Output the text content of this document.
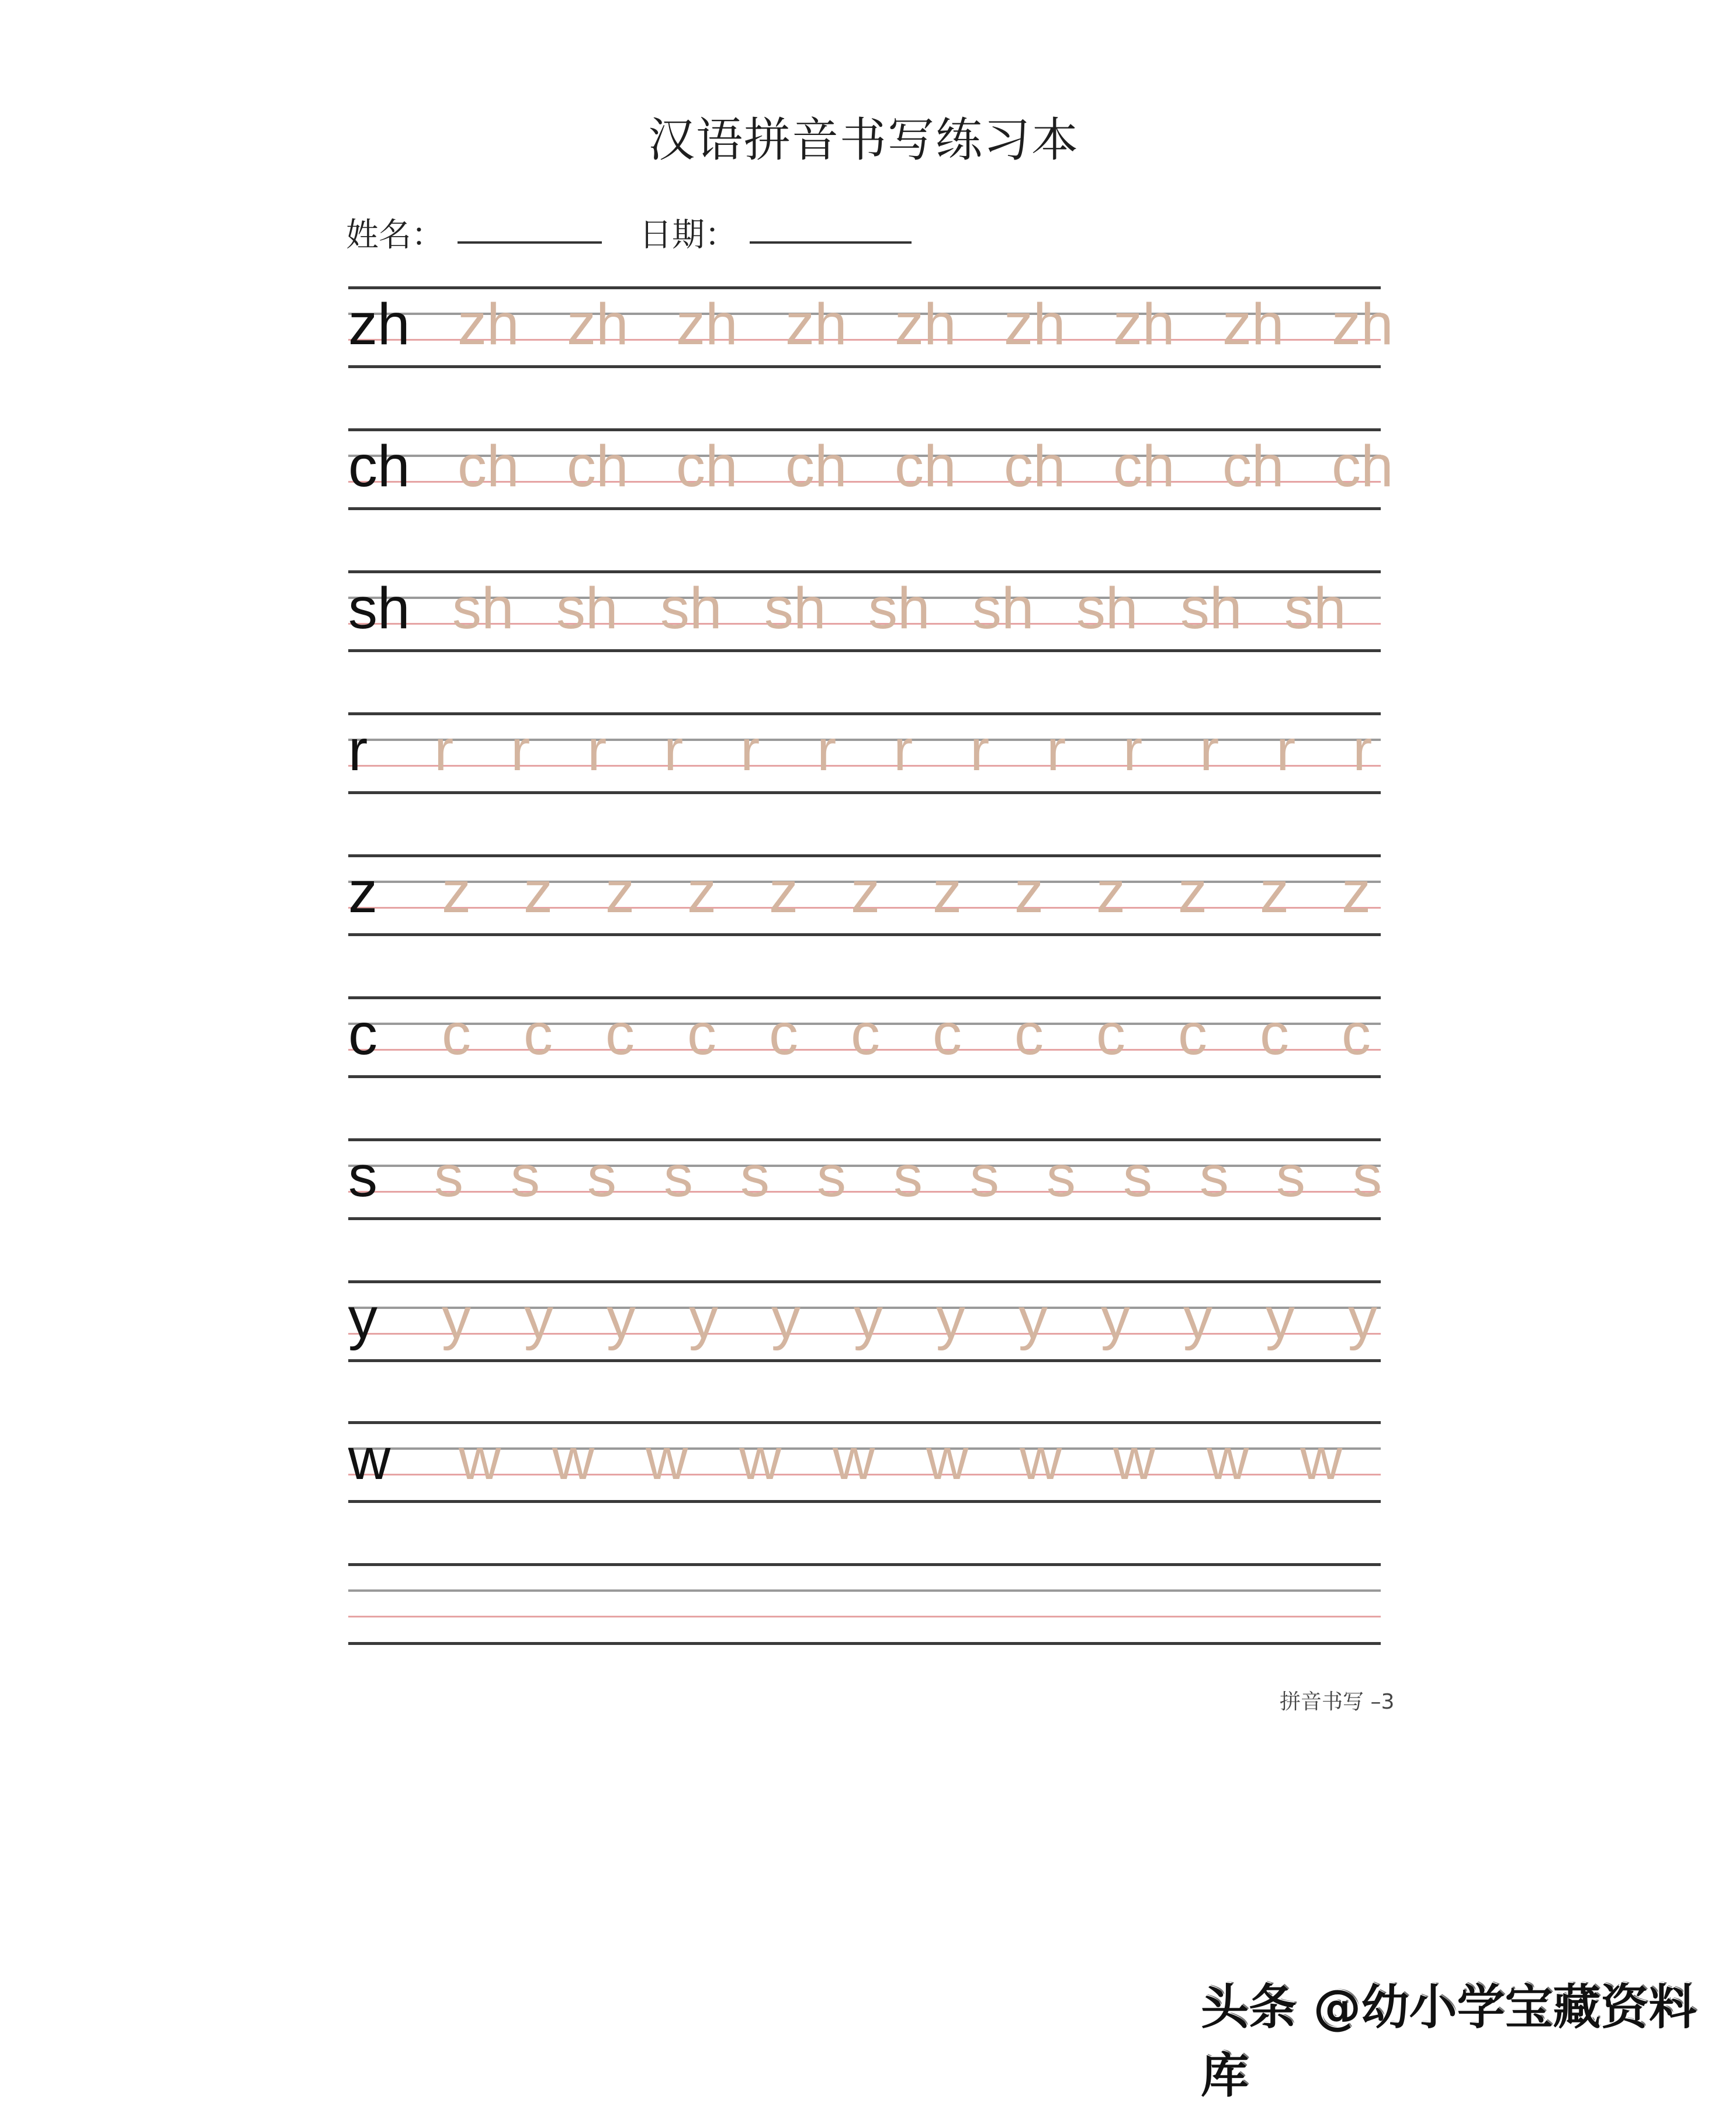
汉语拼音书写练习本
姓名：	日期：
zh zh zh zh zh zh zh zh zh zh
ch ch ch ch ch ch ch ch ch ch
sh sh sh sh sh sh sh sh sh sh
r r r r r r r r r r r r r r
z z z z z z z z z z z z z
c c c c c c c c c c c c c
s s s s s s s s s s s s s s
y y y y y y y y y y y y y
w w w w w w w w w w w
拼音书写 –3
头条 @幼小学宝藏资料库
